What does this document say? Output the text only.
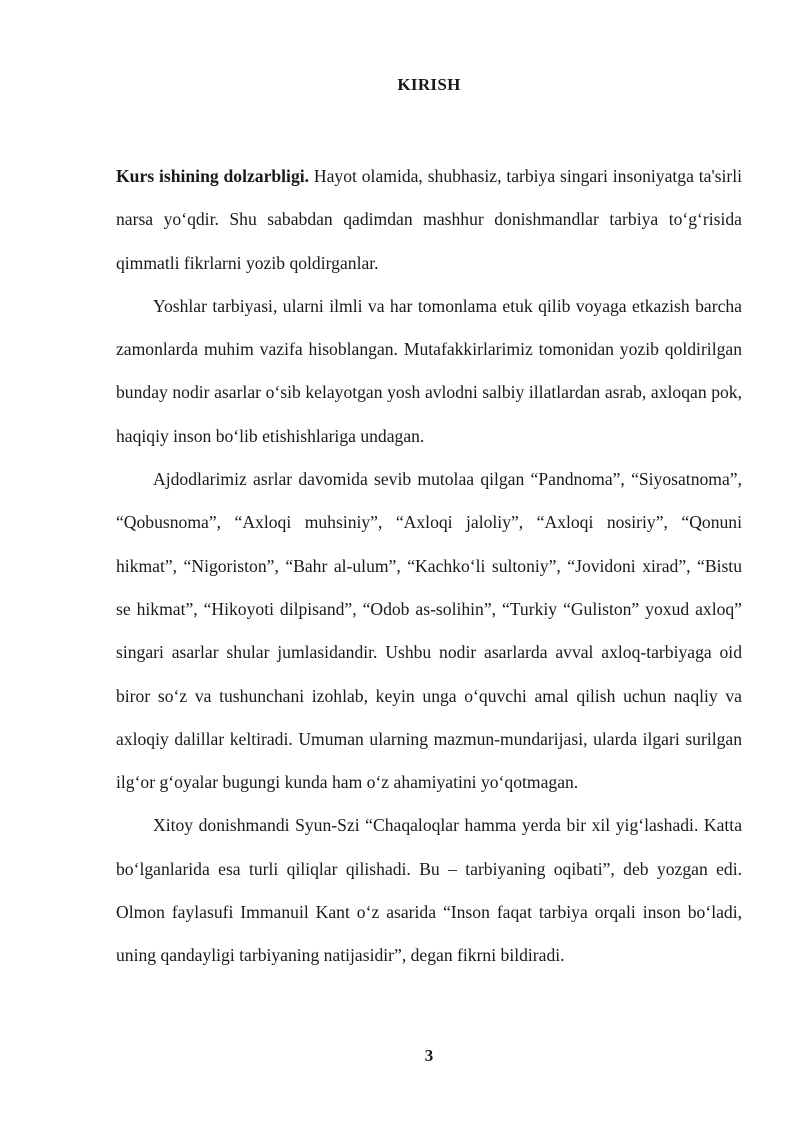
KIRISH

Kurs ishining dolzarbligi. Hayot olamida, shubhasiz, tarbiya singari insoniyatga ta'sirli narsa yo‘qdir. Shu sababdan qadimdan mashhur donishmandlar tarbiya to‘g‘risida qimmatli fikrlarni yozib qoldirganlar.

Yoshlar tarbiyasi, ularni ilmli va har tomonlama etuk qilib voyaga etkazish barcha zamonlarda muhim vazifa hisoblangan. Mutafakkirlarimiz tomonidan yozib qoldirilgan bunday nodir asarlar o‘sib kelayotgan yosh avlodni salbiy illatlardan asrab, axloqan pok, haqiqiy inson bo‘lib etishishlariga undagan.

Ajdodlarimiz asrlar davomida sevib mutolaa qilgan “Pandnoma”, “Siyosatnoma”, “Qobusnoma”, “Axloqi muhsiniy”, “Axloqi jaloliy”, “Axloqi nosiriy”, “Qonuni hikmat”, “Nigoriston”, “Bahr al-ulum”, “Kachko‘li sultoniy”, “Jovidoni xirad”, “Bistu se hikmat”, “Hikoyoti dilpisand”, “Odob as-solihin”, “Turkiy “Guliston” yoxud axloq” singari asarlar shular jumlasidandir. Ushbu nodir asarlarda avval axloq-tarbiyaga oid biror so‘z va tushunchani izohlab, keyin unga o‘quvchi amal qilish uchun naqliy va axloqiy dalillar keltiradi. Umuman ularning mazmun-mundarijasi, ularda ilgari surilgan ilg‘or g‘oyalar bugungi kunda ham o‘z ahamiyatini yo‘qotmagan.

Xitoy donishmandi Syun-Szi “Chaqaloqlar hamma yerda bir xil yig‘lashadi. Katta bo‘lganlarida esa turli qiliqlar qilishadi. Bu – tarbiyaning oqibati”, deb yozgan edi. Olmon faylasufi Immanuil Kant o‘z asarida “Inson faqat tarbiya orqali inson bo‘ladi, uning qandayligi tarbiyaning natijasidir”, degan fikrni bildiradi.

3
